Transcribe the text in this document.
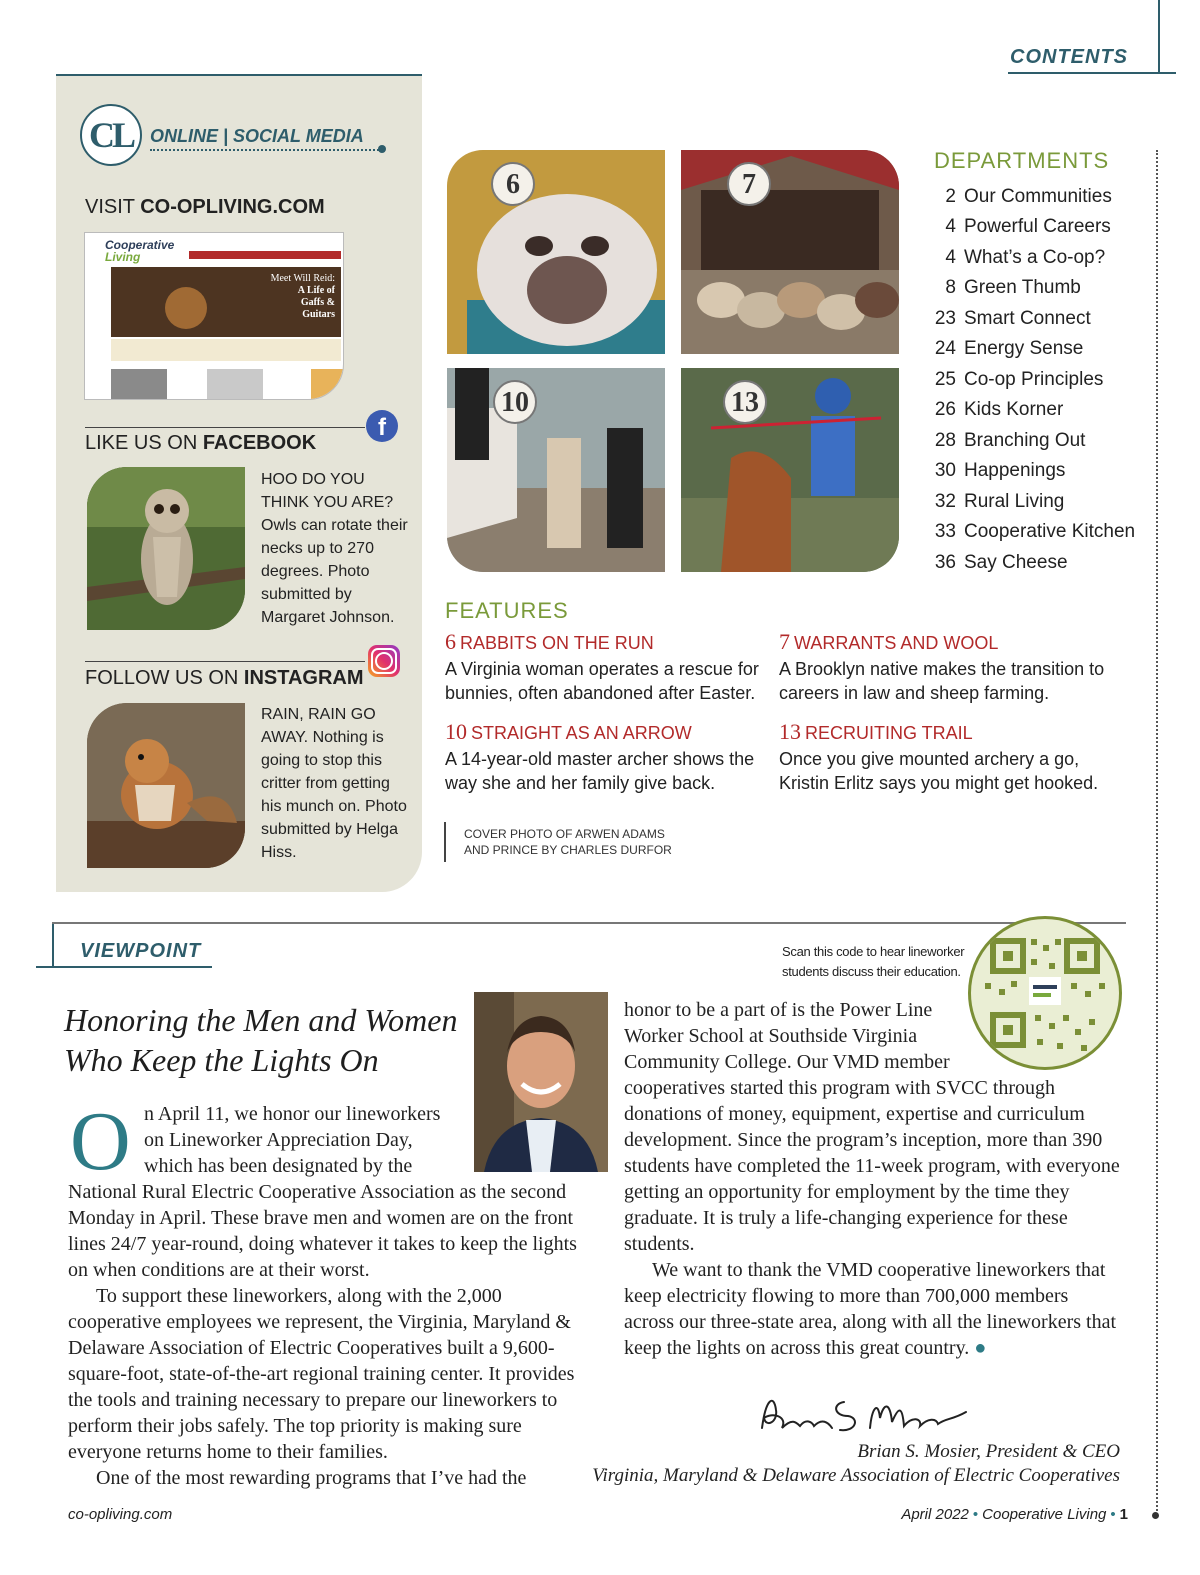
CONTENTS
CL ONLINE | SOCIAL MEDIA
VISIT CO-OPLIVING.COM
Cooperative
Living
Meet Will Reid:
A Life of
Gaffs &
Guitars
f
LIKE US ON FACEBOOK
HOO DO YOU THINK YOU ARE? Owls can rotate their necks up to 270 degrees. Photo submitted by Margaret Johnson.
FOLLOW US ON INSTAGRAM
RAIN, RAIN GO AWAY. Nothing is going to stop this critter from getting his munch on. Photo submitted by Helga Hiss.
6	7
10	13
DEPARTMENTS
2 Our Communities
4 Powerful Careers
4 What’s a Co-op?
8 Green Thumb
23 Smart Connect
24 Energy Sense
25 Co-op Principles
26 Kids Korner
28 Branching Out
30 Happenings
32 Rural Living
33 Cooperative Kitchen
36 Say Cheese
FEATURES
6 RABBITS ON THE RUN
A Virginia woman operates a rescue for bunnies, often abandoned after Easter.
7 WARRANTS AND WOOL
A Brooklyn native makes the transition to careers in law and sheep farming.
10 STRAIGHT AS AN ARROW
A 14-year-old master archer shows the way she and her family give back.
13 RECRUITING TRAIL
Once you give mounted archery a go, Kristin Erlitz says you might get hooked.
COVER PHOTO OF ARWEN ADAMS
AND PRINCE BY CHARLES DURFOR
VIEWPOINT
Honoring the Men and Women
Who Keep the Lights On
O n April 11, we honor our lineworkers
on Lineworker Appreciation Day,
which has been designated by the

National Rural Electric Cooperative Association as the second Monday in April. These brave men and women are on the front lines 24/7 year-round, doing whatever it takes to keep the lights on when conditions are at their worst.

To support these lineworkers, along with the 2,000 cooperative employees we represent, the Virginia, Maryland & Delaware Association of Electric Cooperatives built a 9,600-square-foot, state-of-the-art regional training center. It provides the tools and training necessary to prepare our lineworkers to perform their jobs safely. The top priority is making sure everyone returns home to their families.

One of the most rewarding programs that I’ve had the

honor to be a part of is the Power Line
Worker School at Southside Virginia
Community College. Our VMD member

cooperatives started this program with SVCC through donations of money, equipment, expertise and curriculum development. Since the program’s inception, more than 390 students have completed the 11-week program, with everyone getting an opportunity for employment by the time they graduate. It is truly a life-changing experience for these students.

We want to thank the VMD cooperative lineworkers that keep electricity flowing to more than 700,000 members across our three-state area, along with all the lineworkers that keep the lights on across this great country. ●

Scan this code to hear lineworker
students discuss their education.
Brian S. Mosier, President & CEO
Virginia, Maryland & Delaware Association of Electric Cooperatives
co-opliving.com	April 2022 • Cooperative Living • 1
